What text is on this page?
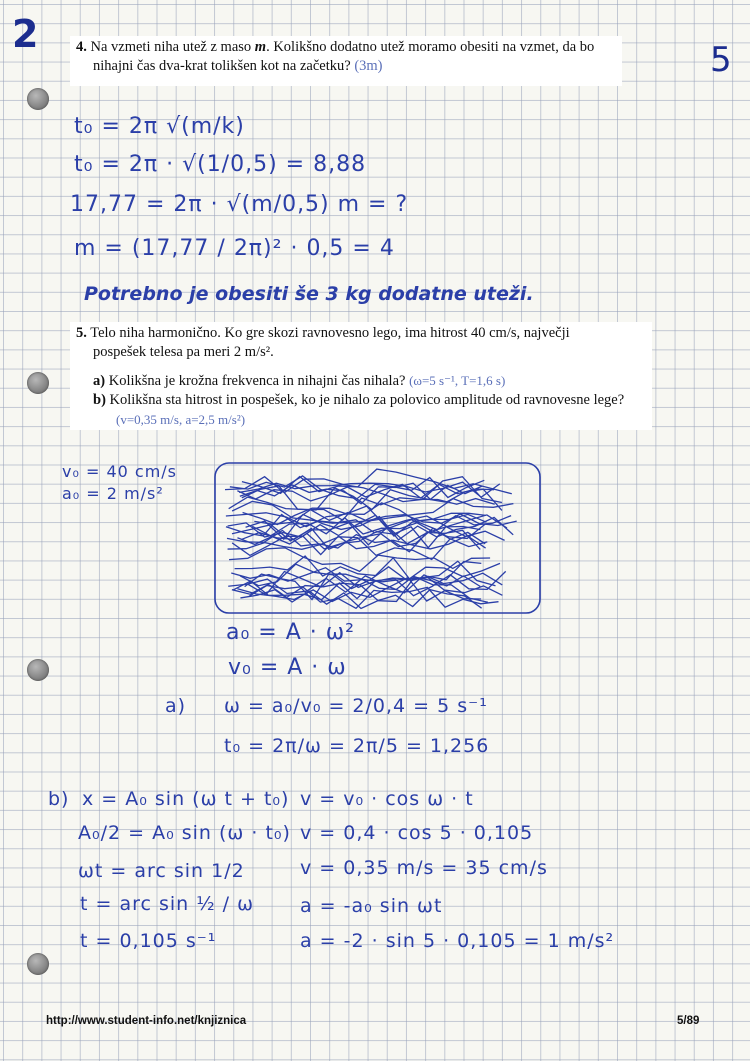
2
5
4. Na vzmeti niha utež z maso m. Kolikšno dodatno utež moramo obesiti na vzmet, da bo
nihajni čas dva-krat tolikšen kot na začetku? (3m)
t₀ = 2π √(m/k)
t₀ = 2π · √(1/0,5) = 8,88
17,77 = 2π · √(m/0,5) m = ?
m = (17,77 / 2π)² · 0,5 = 4
Potrebno je obesiti še 3 kg dodatne uteži.
5. Telo niha harmonično. Ko gre skozi ravnovesno lego, ima hitrost 40 cm/s, največji
pospešek telesa pa meri 2 m/s².
a) Kolikšna je krožna frekvenca in nihajni čas nihala? (ω=5 s⁻¹, T=1,6 s)
b) Kolikšna sta hitrost in pospešek, ko je nihalo za polovico amplitude od ravnovesne lege?
(v=0,35 m/s, a=2,5 m/s²)
v₀ = 40 cm/s
a₀ = 2 m/s²
a₀ = A · ω²
v₀ = A · ω
a) ω = a₀/v₀ = 2/0,4 = 5 s⁻¹
t₀ = 2π/ω = 2π/5 = 1,256
b) x = A₀ sin (ω t + t₀)
A₀/2 = A₀ sin (ω · t₀)
ωt = arc sin 1/2
t = arc sin ½ / ω
t = 0,105 s⁻¹
v = v₀ · cos ω · t
v = 0,4 · cos 5 · 0,105
v = 0,35 m/s = 35 cm/s
a = -a₀ sin ωt
a = -2 · sin 5 · 0,105 = 1 m/s²
http://www.student-info.net/knjiznica	5/89
